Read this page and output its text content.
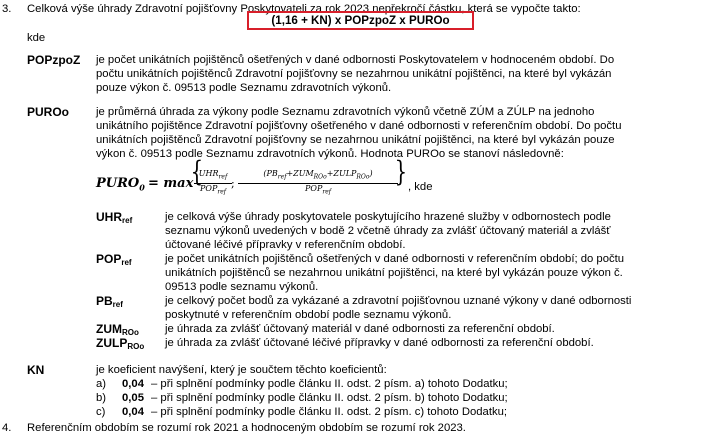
3. Celková výše úhrady Zdravotní pojišťovny Poskytovateli za rok 2023 nepřekročí částku, která se vypočte takto:
(1,16 + KN) x POPzpoZ x PUROo
kde
POPzpoZ je počet unikátních pojištěnců ošetřených v dané odbornosti Poskytovatelem v hodnoceném období. Do
počtu unikátních pojištěnců Zdravotní pojišťovny se nezahrnou unikátní pojištěnci, na které byl vykázán
pouze výkon č. 09513 podle Seznamu zdravotních výkonů.
PUROo je průměrná úhrada za výkony podle Seznamu zdravotních výkonů včetně ZÚM a ZÚLP na jednoho
unikátního pojištěnce Zdravotní pojišťovny ošetřeného v dané odbornosti v referenčním období. Do počtu
unikátních pojištěnců Zdravotní pojišťovny se nezahrnou unikátní pojištěnci, na které byl vykázán pouze
výkon č. 09513 podle Seznamu zdravotních výkonů. Hodnota PUROo se stanoví následovně:
$PURO_0 = \max$
{
$UHR_{ref}$
$POP_{ref}$
;
$(PB_{ref}+ZUM_{ROo}+ZULP_{ROo})$
$POP_{ref}$
} , kde
$UHR_{ref}$	je celková výše úhrady poskytovatele poskytujícího hrazené služby v odbornostech podle
seznamu výkonů uvedených v bodě 2 včetně úhrady za zvlášť účtovaný materiál a zvlášť
účtované léčivé přípravky v referenčním období.
$POP_{ref}$	je počet unikátních pojištěnců ošetřených v dané odbornosti v referenčním období; do počtu
unikátních pojištěnců se nezahrnou unikátní pojištěnci, na které byl vykázán pouze výkon č.
09513 podle seznamu výkonů.
$PB_{ref}$	je celkový počet bodů za vykázané a zdravotní pojišťovnou uznané výkony v dané odbornosti
poskytnuté v referenčním období podle seznamu výkonů.
$ZUM_{ROo}$ je úhrada za zvlášť účtovaný materiál v dané odbornosti za referenční období.
$ZULP_{ROo}$ je úhrada za zvlášť účtované léčivé přípravky v dané odbornosti za referenční období.
KN	je koeficient navýšení, který je součtem těchto koeficientů:
a) 0,04 – při splnění podmínky podle článku II. odst. 2 písm. a) tohoto Dodatku;
b) 0,05 – při splnění podmínky podle článku II. odst. 2 písm. b) tohoto Dodatku;
c) 0,04 – při splnění podmínky podle článku II. odst. 2 písm. c) tohoto Dodatku;
4. Referenčním obdobím se rozumí rok 2021 a hodnoceným obdobím se rozumí rok 2023.
